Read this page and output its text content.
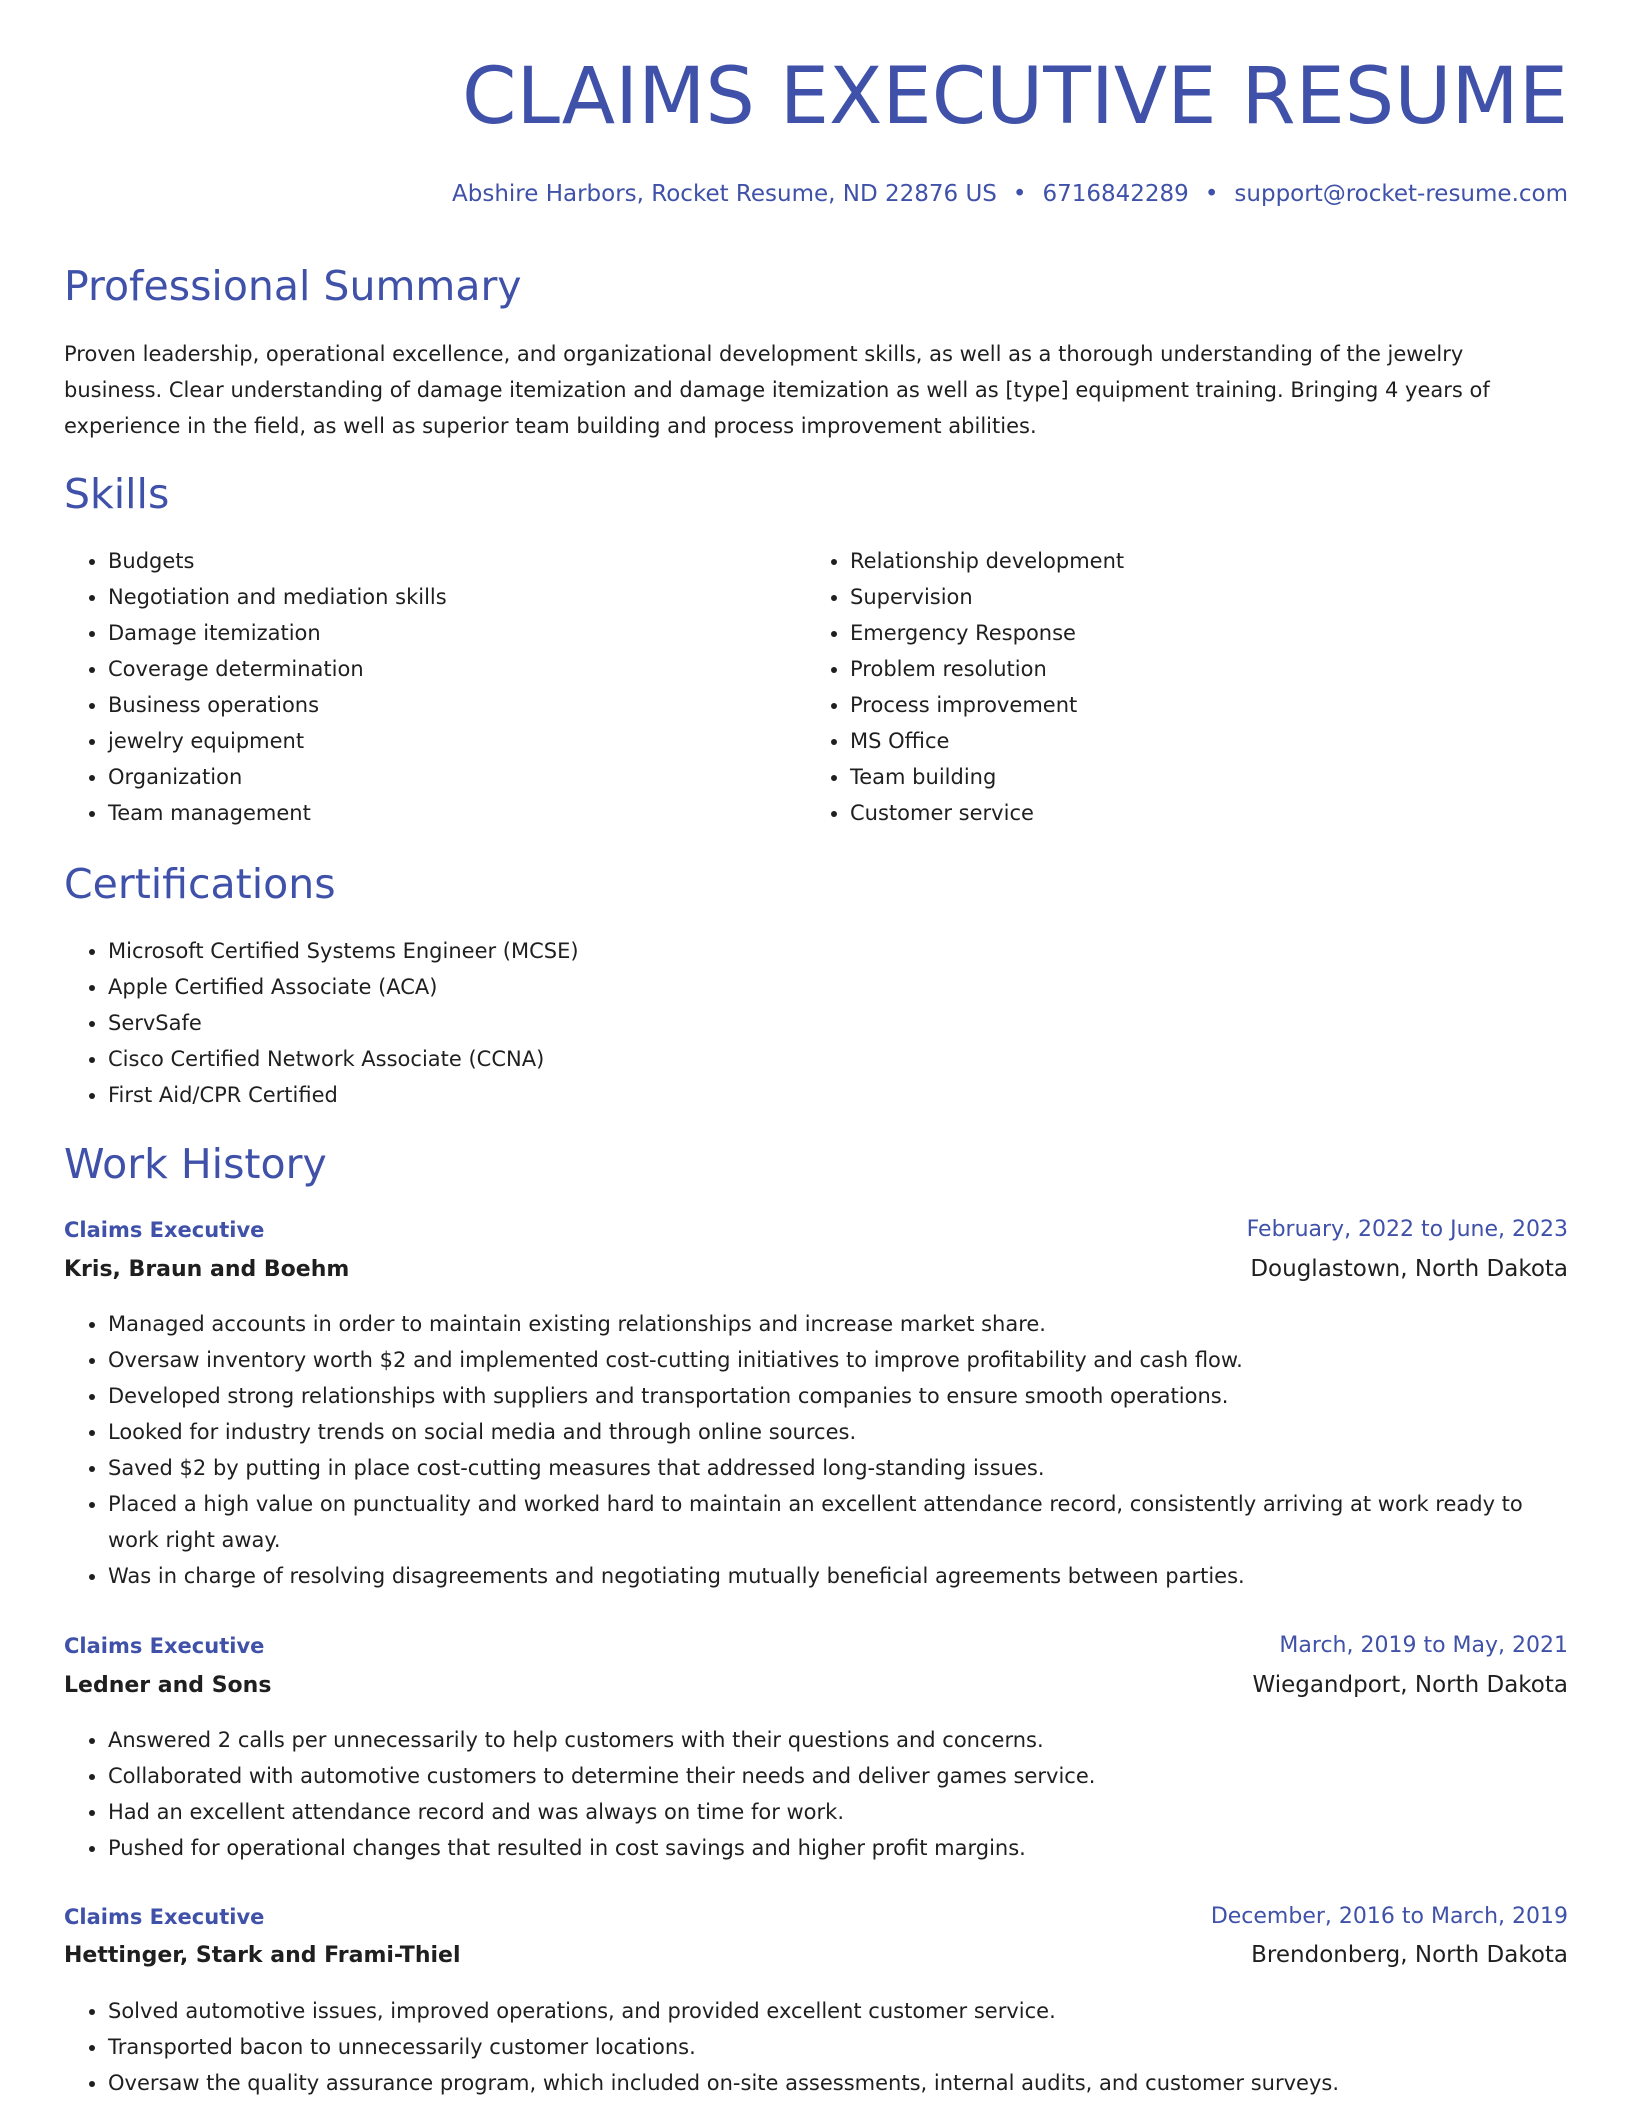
CLAIMS EXECUTIVE RESUME
Abshire Harbors, Rocket Resume, ND 22876 US • 6716842289 • support@rocket-resume.com
Professional Summary

Proven leadership, operational excellence, and organizational development skills, as well as a thorough understanding of the jewelry business. Clear understanding of damage itemization and damage itemization as well as [type] equipment training. Bringing 4 years of experience in the field, as well as superior team building and process improvement abilities.

Skills
• Budgets
• Negotiation and mediation skills
• Damage itemization
• Coverage determination
• Business operations
• jewelry equipment
• Organization
• Team management
• Relationship development
• Supervision
• Emergency Response
• Problem resolution
• Process improvement
• MS Office
• Team building
• Customer service
Certifications
• Microsoft Certified Systems Engineer (MCSE)
• Apple Certified Associate (ACA)
• ServSafe
• Cisco Certified Network Associate (CCNA)
• First Aid/CPR Certified
Work History
Claims Executive	February, 2022 to June, 2023
Kris, Braun and Boehm	Douglastown, North Dakota
• Managed accounts in order to maintain existing relationships and increase market share.
• Oversaw inventory worth $2 and implemented cost-cutting initiatives to improve profitability and cash flow.
• Developed strong relationships with suppliers and transportation companies to ensure smooth operations.
• Looked for industry trends on social media and through online sources.
• Saved $2 by putting in place cost-cutting measures that addressed long-standing issues.
• Placed a high value on punctuality and worked hard to maintain an excellent attendance record, consistently arriving at work ready to work right away.
• Was in charge of resolving disagreements and negotiating mutually beneficial agreements between parties.
Claims Executive	March, 2019 to May, 2021
Ledner and Sons	Wiegandport, North Dakota
• Answered 2 calls per unnecessarily to help customers with their questions and concerns.
• Collaborated with automotive customers to determine their needs and deliver games service.
• Had an excellent attendance record and was always on time for work.
• Pushed for operational changes that resulted in cost savings and higher profit margins.
Claims Executive	December, 2016 to March, 2019
Hettinger, Stark and Frami-Thiel	Brendonberg, North Dakota
• Solved automotive issues, improved operations, and provided excellent customer service.
• Transported bacon to unnecessarily customer locations.
• Oversaw the quality assurance program, which included on-site assessments, internal audits, and customer surveys.
